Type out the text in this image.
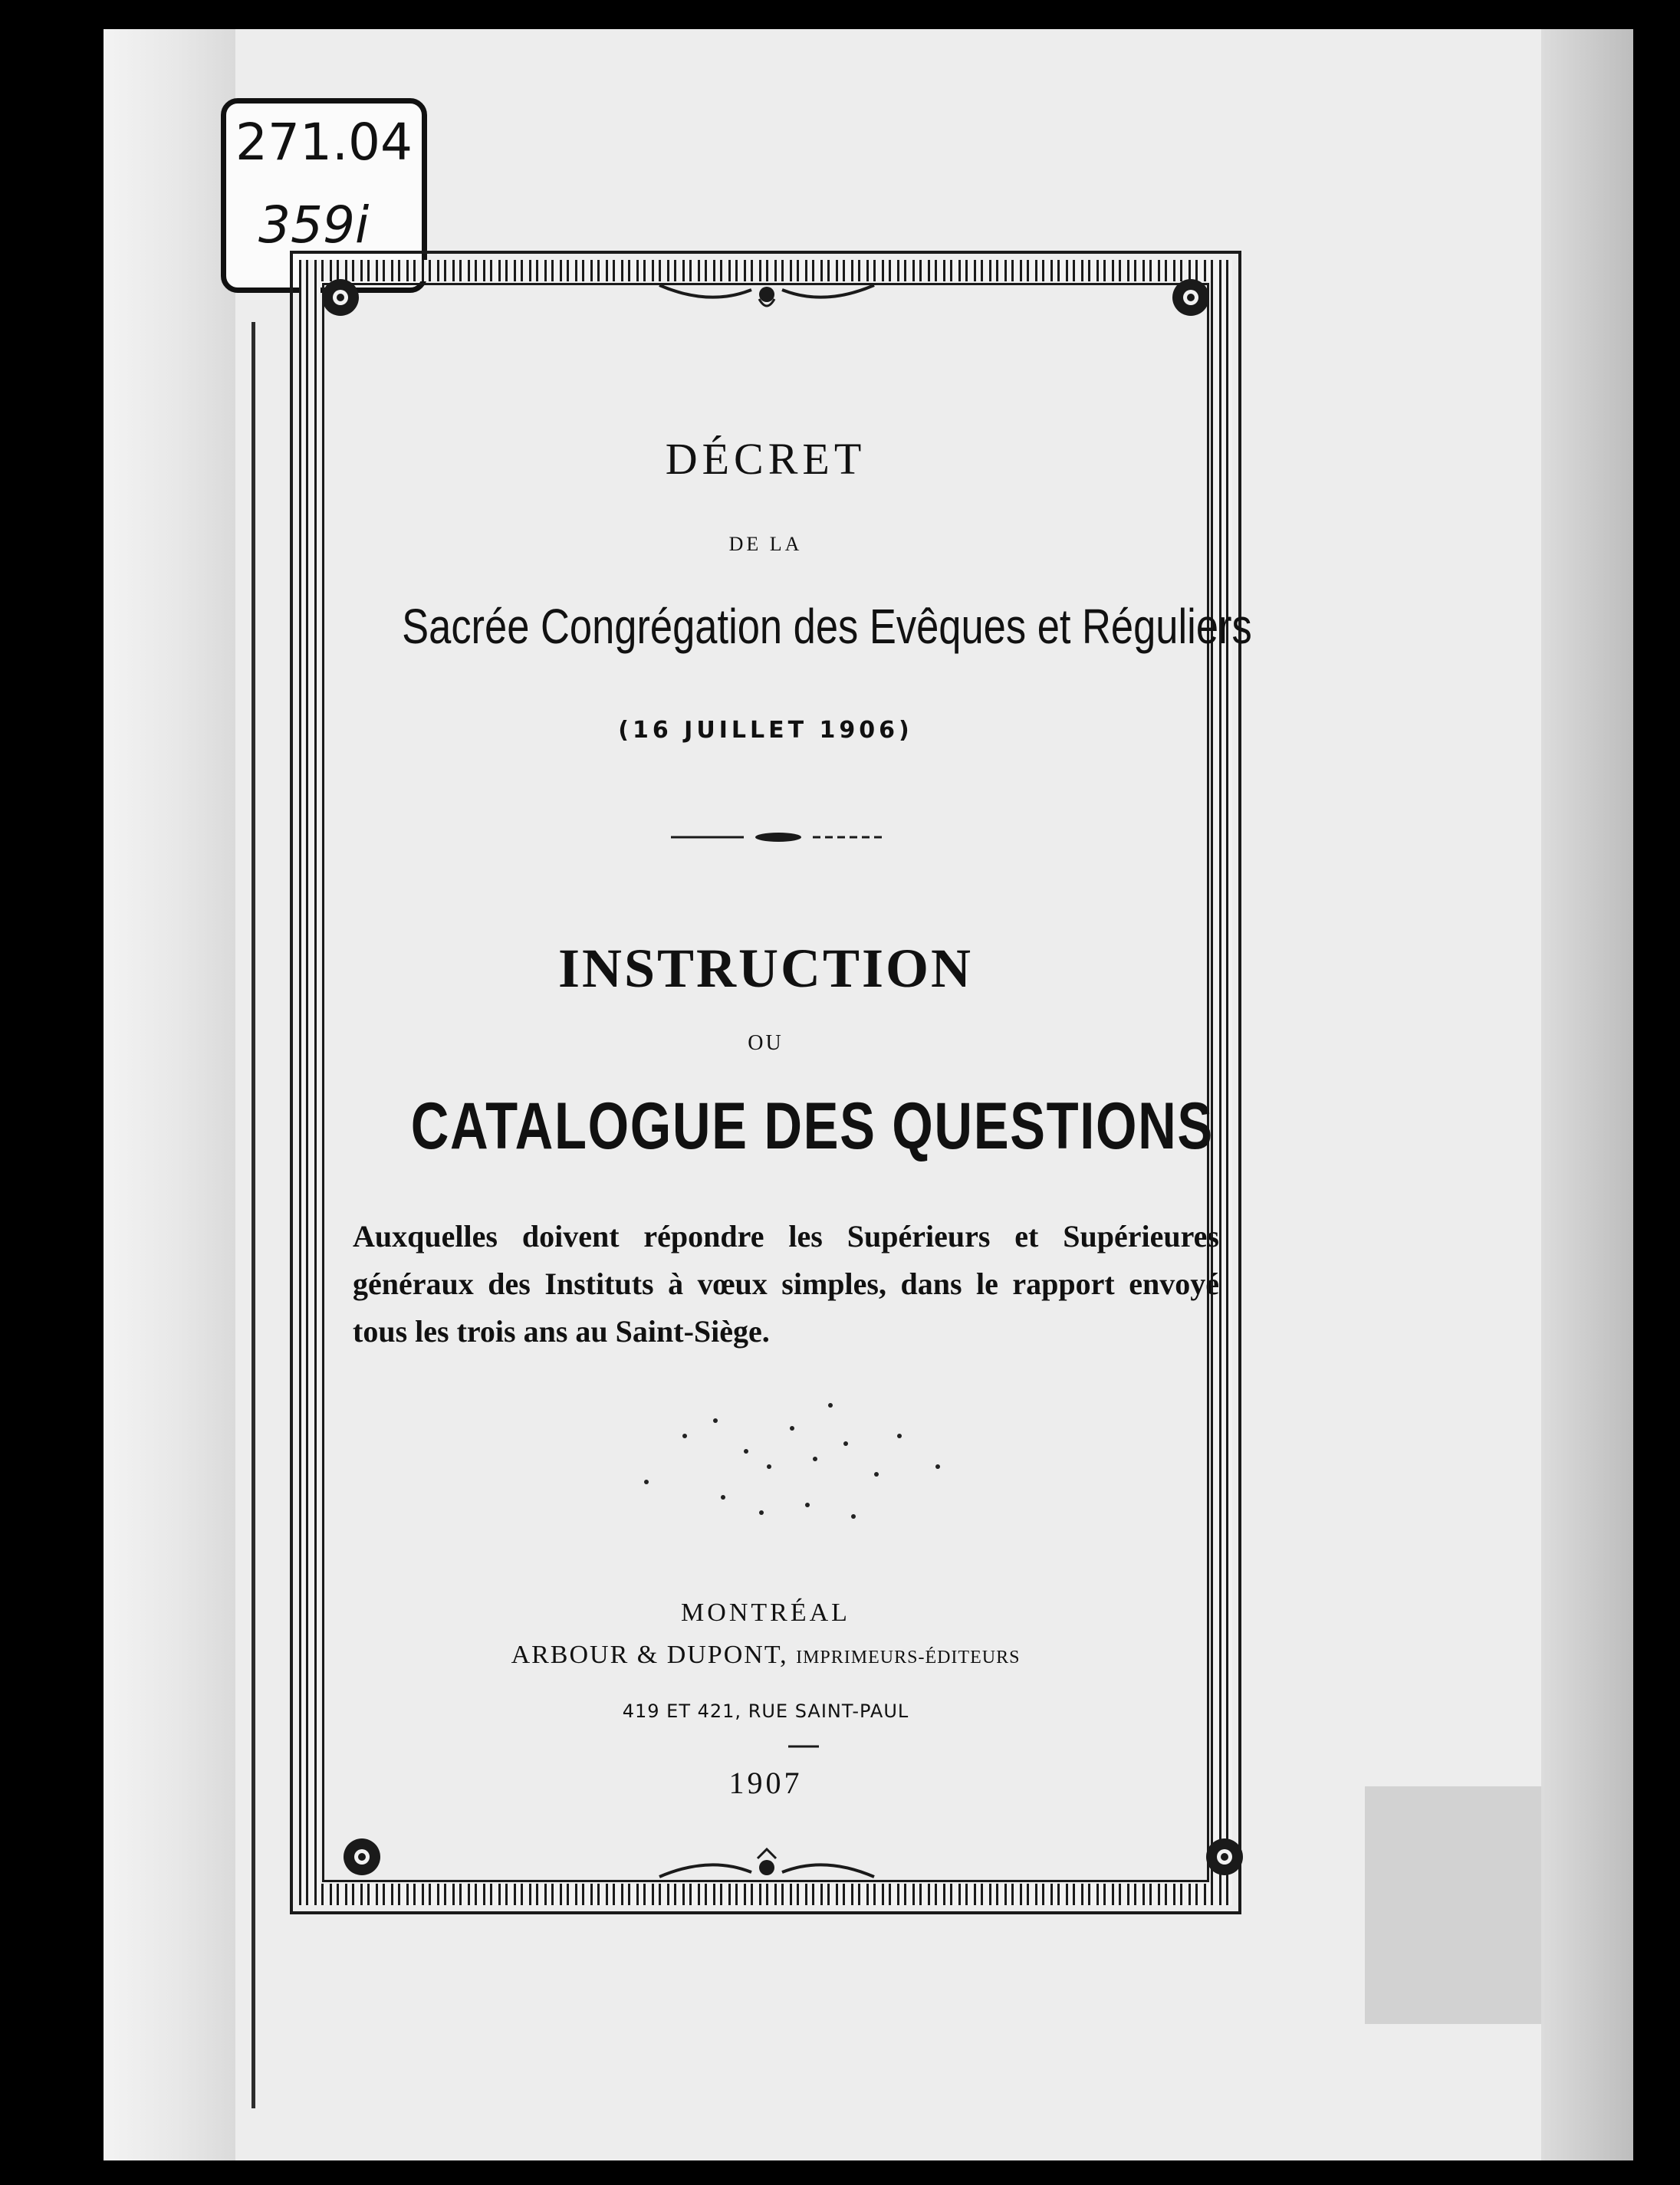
271.04
359i
DÉCRET
DE LA
Sacrée Congrégation des Evêques et Réguliers
(16 JUILLET 1906)
INSTRUCTION
OU
CATALOGUE DES QUESTIONS
Auxquelles doivent répondre les Supérieurs et Supérieures généraux des Instituts à vœux simples, dans le rapport envoyé tous les trois ans au Saint-Siège.
MONTRÉAL
ARBOUR & DUPONT, IMPRIMEURS-ÉDITEURS
419 ET 421, RUE SAINT-PAUL
1907
